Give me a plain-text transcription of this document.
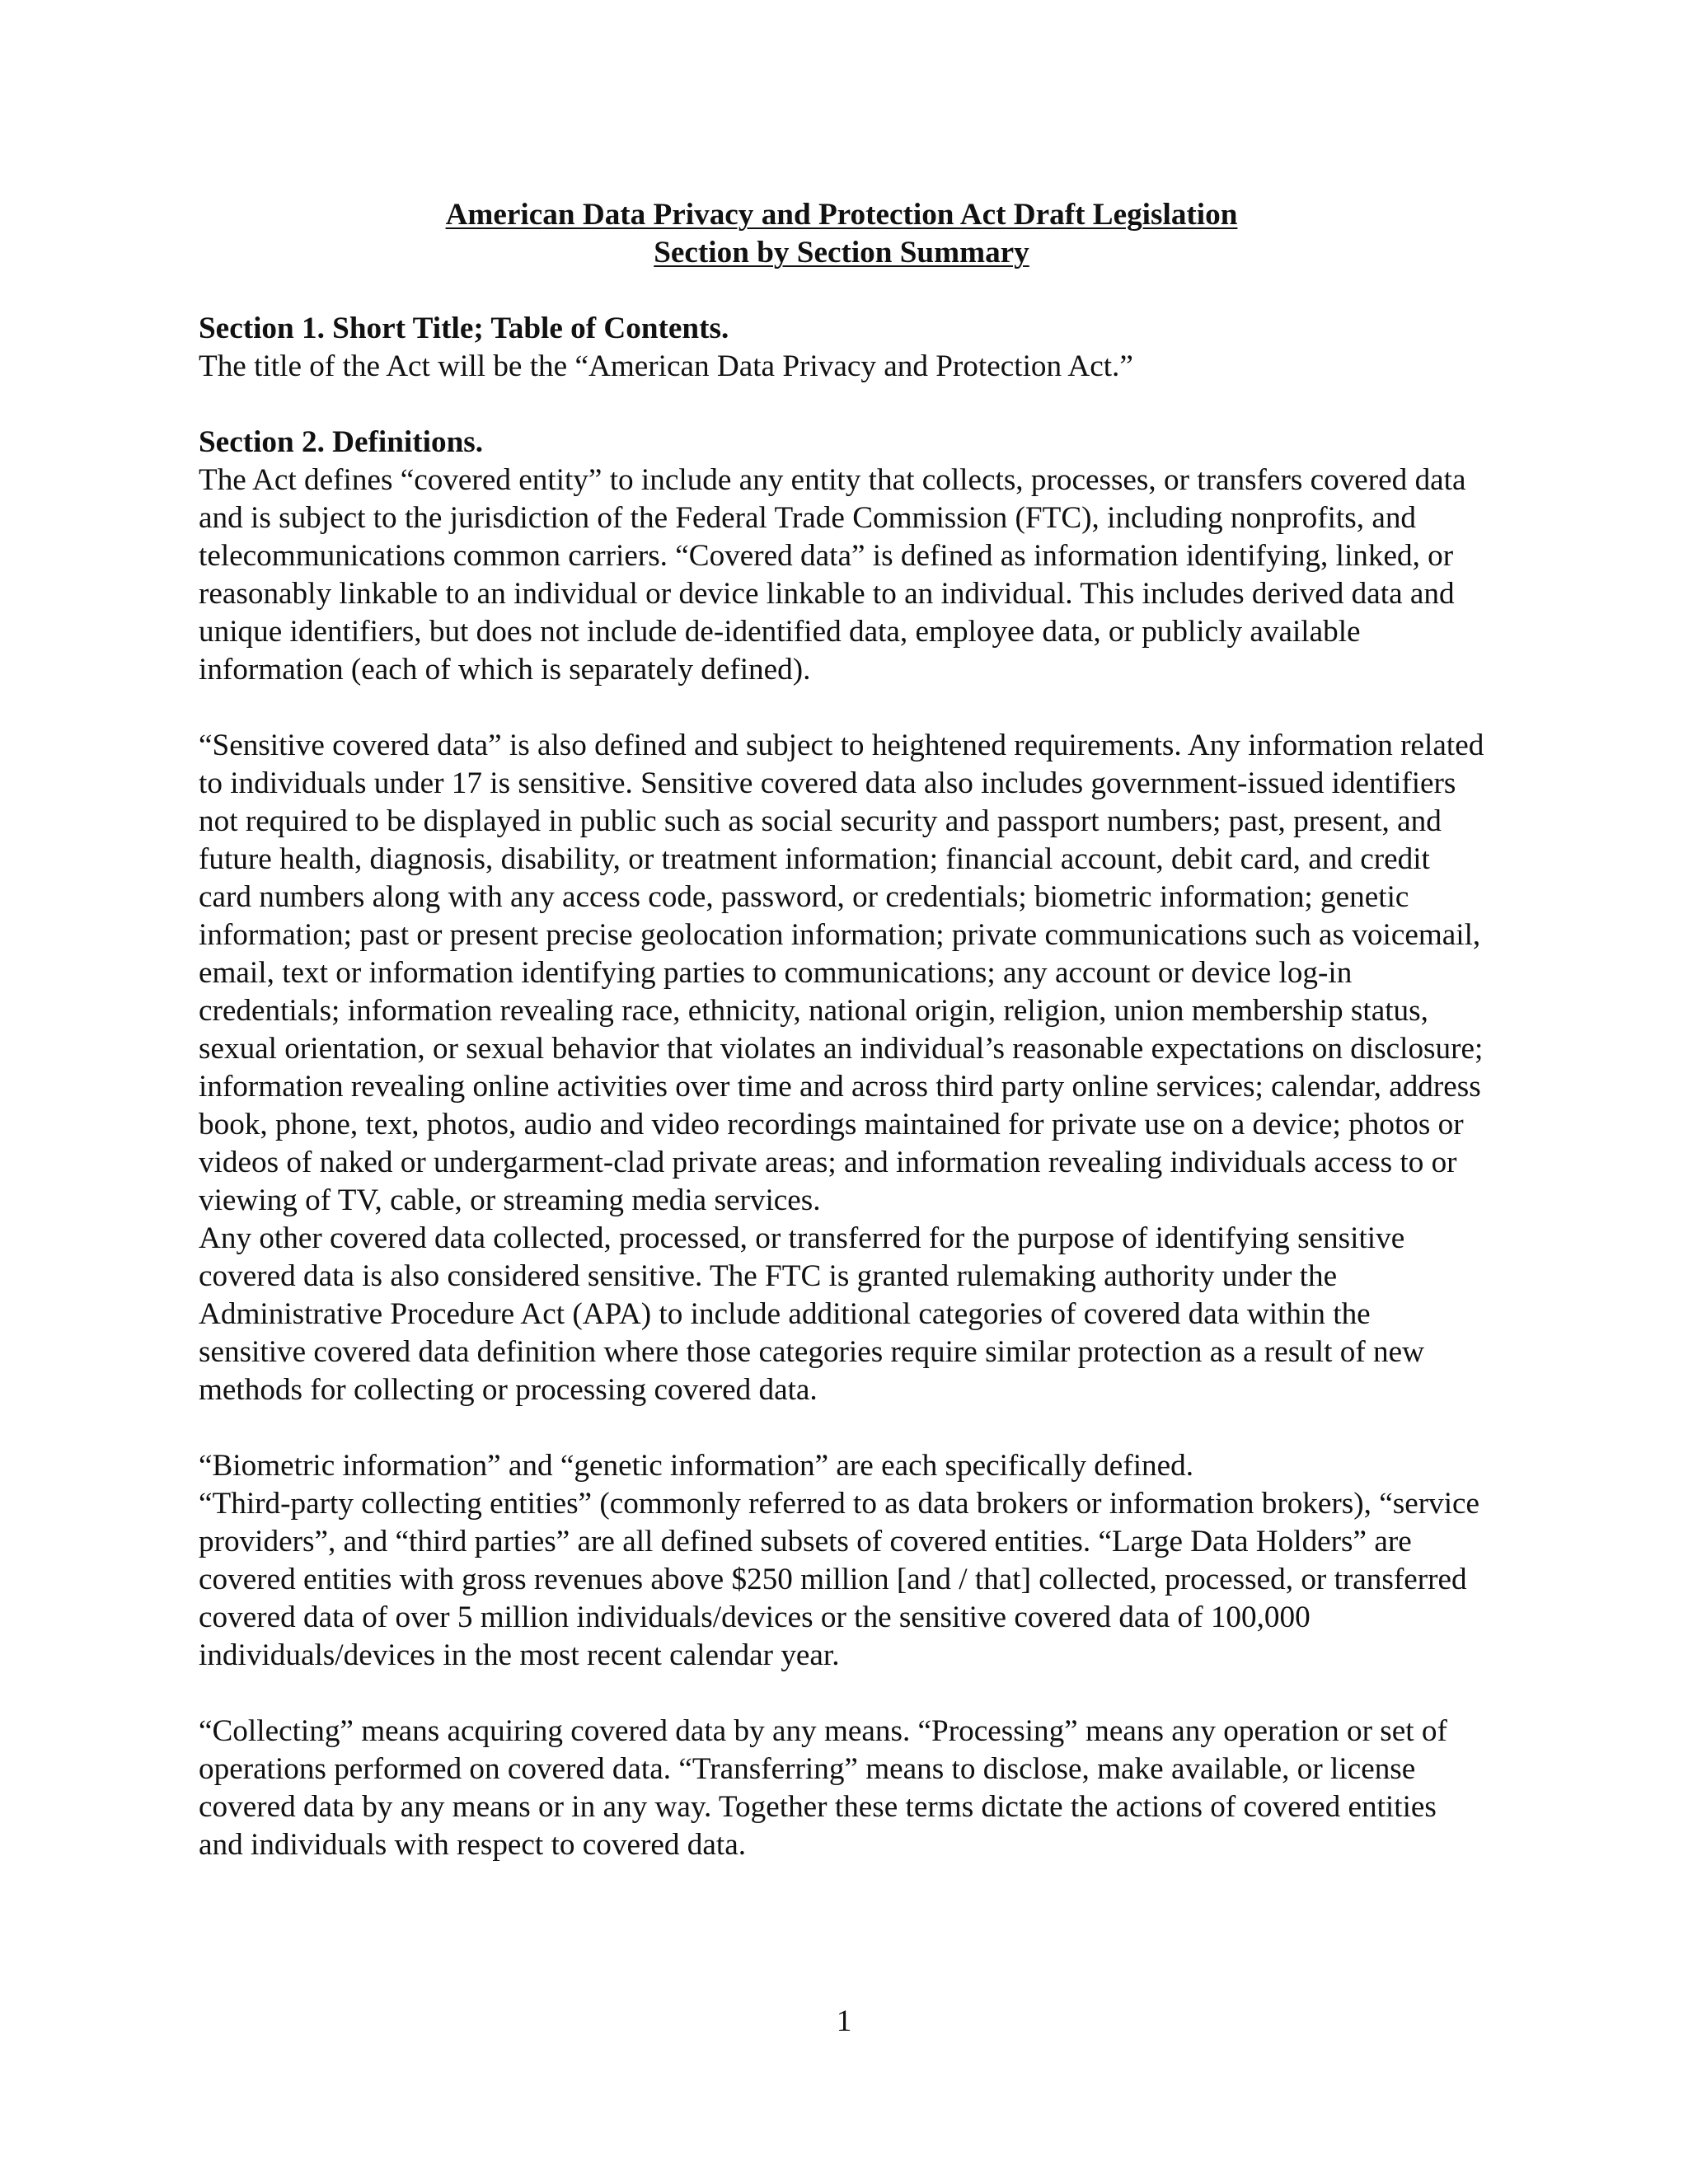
American Data Privacy and Protection Act Draft Legislation
Section by Section Summary
Section 1. Short Title; Table of Contents.

The title of the Act will be the “American Data Privacy and Protection Act.”

Section 2. Definitions.

The Act defines “covered entity” to include any entity that collects, processes, or transfers covered data and is subject to the jurisdiction of the Federal Trade Commission (FTC), including nonprofits, and telecommunications common carriers. “Covered data” is defined as information identifying, linked, or reasonably linkable to an individual or device linkable to an individual. This includes derived data and unique identifiers, but does not include de-identified data, employee data, or publicly available information (each of which is separately defined).

“Sensitive covered data” is also defined and subject to heightened requirements. Any information related to individuals under 17 is sensitive. Sensitive covered data also includes government-issued identifiers not required to be displayed in public such as social security and passport numbers; past, present, and future health, diagnosis, disability, or treatment information; financial account, debit card, and credit card numbers along with any access code, password, or credentials; biometric information; genetic information; past or present precise geolocation information; private communications such as voicemail, email, text or information identifying parties to communications; any account or device log-in credentials; information revealing race, ethnicity, national origin, religion, union membership status, sexual orientation, or sexual behavior that violates an individual’s reasonable expectations on disclosure; information revealing online activities over time and across third party online services; calendar, address book, phone, text, photos, audio and video recordings maintained for private use on a device; photos or videos of naked or undergarment-clad private areas; and information revealing individuals access to or viewing of TV, cable, or streaming media services.

Any other covered data collected, processed, or transferred for the purpose of identifying sensitive covered data is also considered sensitive. The FTC is granted rulemaking authority under the Administrative Procedure Act (APA) to include additional categories of covered data within the sensitive covered data definition where those categories require similar protection as a result of new methods for collecting or processing covered data.

“Biometric information” and “genetic information” are each specifically defined.

“Third-party collecting entities” (commonly referred to as data brokers or information brokers), “service providers”, and “third parties” are all defined subsets of covered entities. “Large Data Holders” are covered entities with gross revenues above $250 million [and / that] collected, processed, or transferred covered data of over 5 million individuals/devices or the sensitive covered data of 100,000 individuals/devices in the most recent calendar year.

“Collecting” means acquiring covered data by any means. “Processing” means any operation or set of operations performed on covered data. “Transferring” means to disclose, make available, or license covered data by any means or in any way. Together these terms dictate the actions of covered entities and individuals with respect to covered data.

1
